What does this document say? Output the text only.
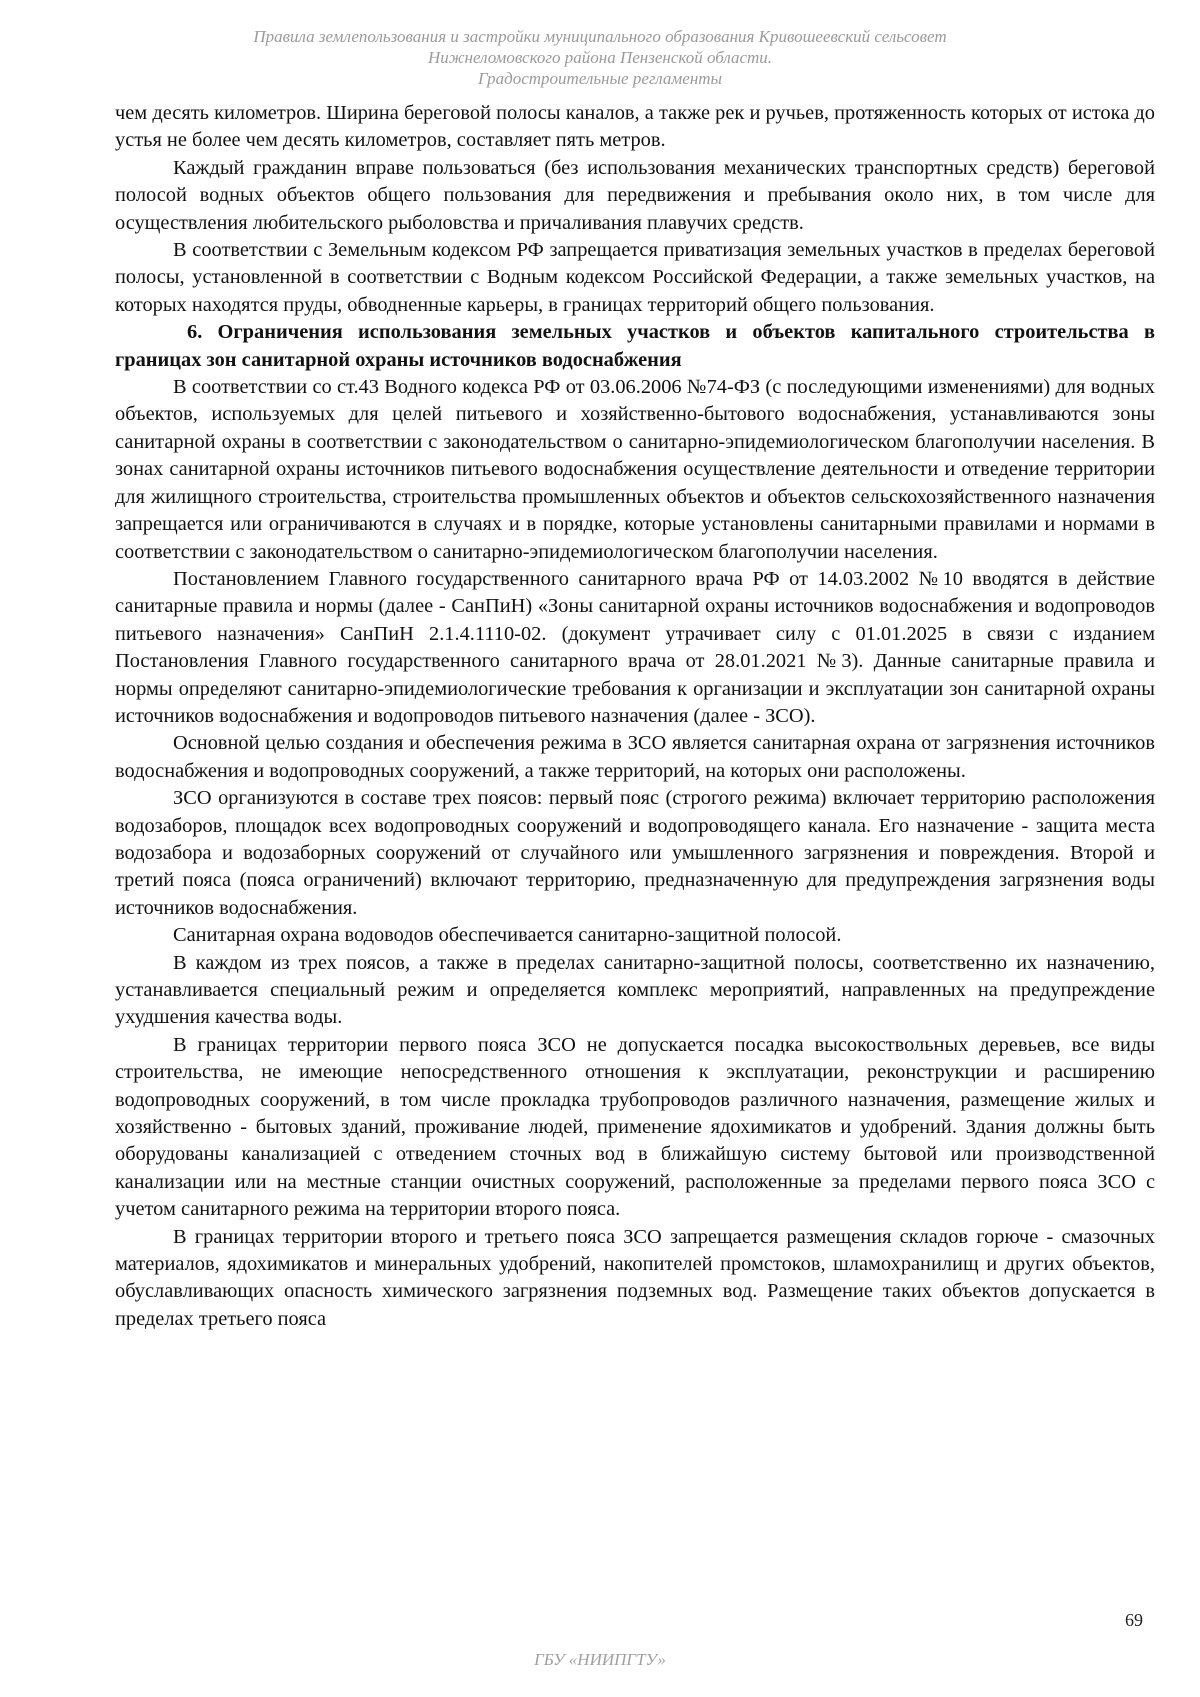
Правила землепользования и застройки муниципального образования Кривошеевский сельсовет
Нижнеломовского района Пензенской области.
Градостроительные регламенты

чем десять километров. Ширина береговой полосы каналов, а также рек и ручьев, протяженность которых от истока до устья не более чем десять километров, составляет пять метров.

Каждый гражданин вправе пользоваться (без использования механических транспортных средств) береговой полосой водных объектов общего пользования для передвижения и пребывания около них, в том числе для осуществления любительского рыболовства и причаливания плавучих средств.

В соответствии с Земельным кодексом РФ запрещается приватизация земельных участков в пределах береговой полосы, установленной в соответствии с Водным кодексом Российской Федерации, а также земельных участков, на которых находятся пруды, обводненные карьеры, в границах территорий общего пользования.

6. Ограничения использования земельных участков и объектов капитального строительства в границах зон санитарной охраны источников водоснабжения

В соответствии со ст.43 Водного кодекса РФ от 03.06.2006 №74-ФЗ (с последующими изменениями) для водных объектов, используемых для целей питьевого и хозяйственно-бытового водоснабжения, устанавливаются зоны санитарной охраны в соответствии с законодательством о санитарно-эпидемиологическом благополучии населения. В зонах санитарной охраны источников питьевого водоснабжения осуществление деятельности и отведение территории для жилищного строительства, строительства промышленных объектов и объектов сельскохозяйственного назначения запрещается или ограничиваются в случаях и в порядке, которые установлены санитарными правилами и нормами в соответствии с законодательством о санитарно-эпидемиологическом благополучии населения.

Постановлением Главного государственного санитарного врача РФ от 14.03.2002 №10 вводятся в действие санитарные правила и нормы (далее - СанПиН) «Зоны санитарной охраны источников водоснабжения и водопроводов питьевого назначения» СанПиН 2.1.4.1110-02. (документ утрачивает силу с 01.01.2025 в связи с изданием Постановления Главного государственного санитарного врача от 28.01.2021 №3). Данные санитарные правила и нормы определяют санитарно-эпидемиологические требования к организации и эксплуатации зон санитарной охраны источников водоснабжения и водопроводов питьевого назначения (далее - ЗСО).

Основной целью создания и обеспечения режима в ЗСО является санитарная охрана от загрязнения источников водоснабжения и водопроводных сооружений, а также территорий, на которых они расположены.

ЗСО организуются в составе трех поясов: первый пояс (строгого режима) включает территорию расположения водозаборов, площадок всех водопроводных сооружений и водопроводящего канала. Его назначение - защита места водозабора и водозаборных сооружений от случайного или умышленного загрязнения и повреждения. Второй и третий пояса (пояса ограничений) включают территорию, предназначенную для предупреждения загрязнения воды источников водоснабжения.

Санитарная охрана водоводов обеспечивается санитарно-защитной полосой.

В каждом из трех поясов, а также в пределах санитарно-защитной полосы, соответственно их назначению, устанавливается специальный режим и определяется комплекс мероприятий, направленных на предупреждение ухудшения качества воды.

В границах территории первого пояса ЗСО не допускается посадка высокоствольных деревьев, все виды строительства, не имеющие непосредственного отношения к эксплуатации, реконструкции и расширению водопроводных сооружений, в том числе прокладка трубопроводов различного назначения, размещение жилых и хозяйственно - бытовых зданий, проживание людей, применение ядохимикатов и удобрений. Здания должны быть оборудованы канализацией с отведением сточных вод в ближайшую систему бытовой или производственной канализации или на местные станции очистных сооружений, расположенные за пределами первого пояса ЗСО с учетом санитарного режима на территории второго пояса.

В границах территории второго и третьего пояса ЗСО запрещается размещения складов горюче - смазочных материалов, ядохимикатов и минеральных удобрений, накопителей промстоков, шламохранилищ и других объектов, обуславливающих опасность химического загрязнения подземных вод. Размещение таких объектов допускается в пределах третьего пояса

69
ГБУ «НИИПГТУ»
